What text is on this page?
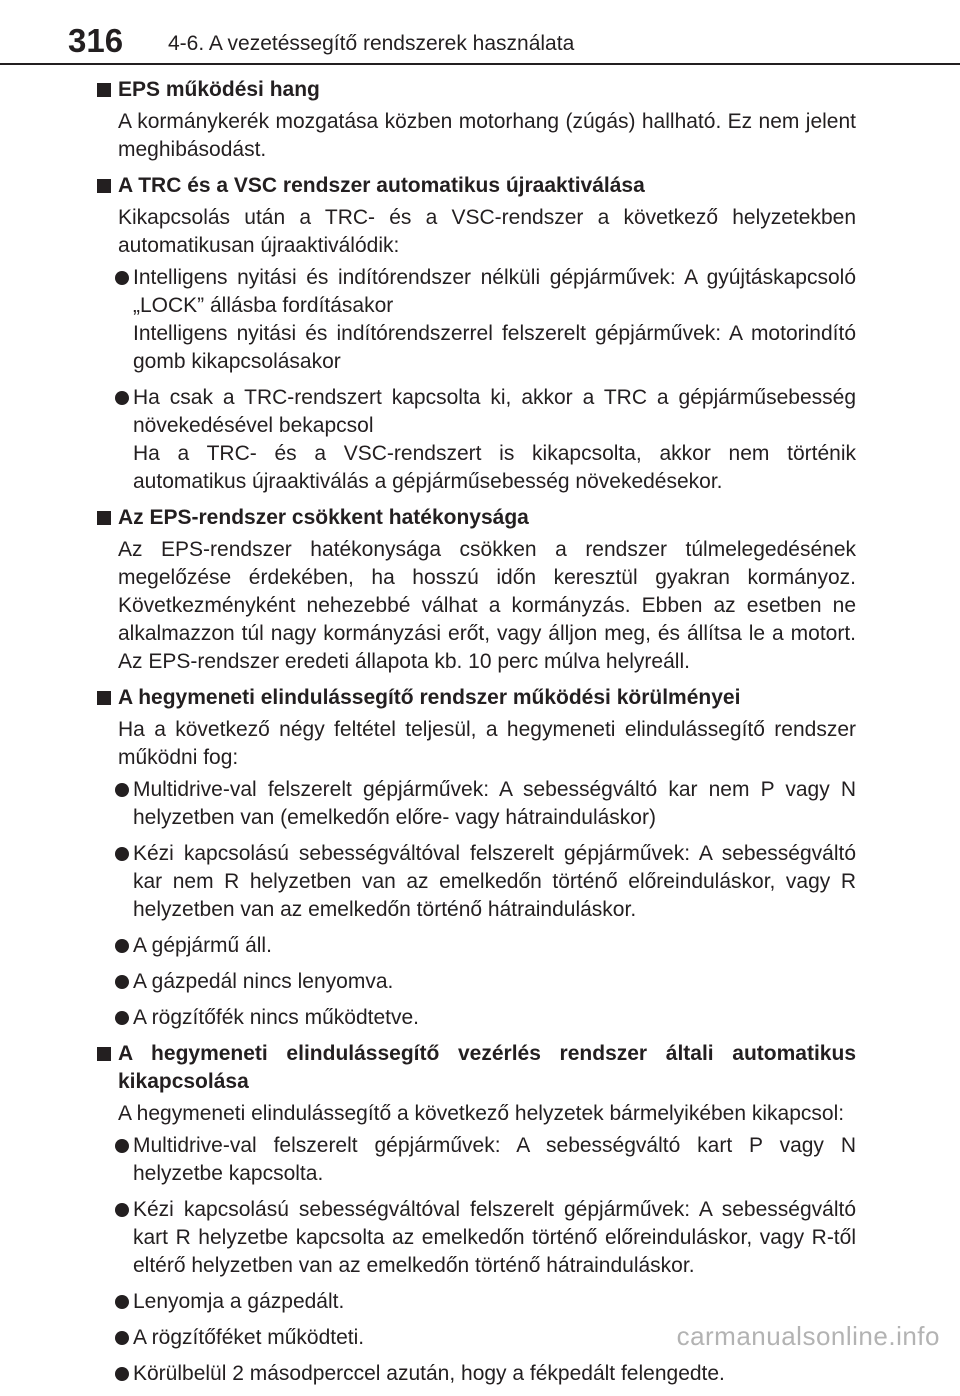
316 4-6. A vezetéssegítő rendszerek használata
EPS működési hang
A kormánykerék mozgatása közben motorhang (zúgás) hallható. Ez nem jelent meghibásodást.
A TRC és a VSC rendszer automatikus újraaktiválása
Kikapcsolás után a TRC- és a VSC-rendszer a következő helyzetekben automatikusan újraaktiválódik:
Intelligens nyitási és indítórendszer nélküli gépjárművek: A gyújtáskapcsoló „LOCK” állásba fordításakor
Intelligens nyitási és indítórendszerrel felszerelt gépjárművek: A motorindító gomb kikapcsolásakor
Ha csak a TRC-rendszert kapcsolta ki, akkor a TRC a gépjárműsebesség növekedésével bekapcsol
Ha a TRC- és a VSC-rendszert is kikapcsolta, akkor nem történik automatikus újraaktiválás a gépjárműsebesség növekedésekor.
Az EPS-rendszer csökkent hatékonysága
Az EPS-rendszer hatékonysága csökken a rendszer túlmelegedésének megelőzése érdekében, ha hosszú időn keresztül gyakran kormányoz. Következményként nehezebbé válhat a kormányzás. Ebben az esetben ne alkalmazzon túl nagy kormányzási erőt, vagy álljon meg, és állítsa le a motort. Az EPS-rendszer eredeti állapota kb. 10 perc múlva helyreáll.
A hegymeneti elindulássegítő rendszer működési körülményei
Ha a következő négy feltétel teljesül, a hegymeneti elindulássegítő rendszer működni fog:
Multidrive-val felszerelt gépjárművek: A sebességváltó kar nem P vagy N helyzetben van (emelkedőn előre- vagy hátrainduláskor)
Kézi kapcsolású sebességváltóval felszerelt gépjárművek: A sebességváltó kar nem R helyzetben van az emelkedőn történő előreinduláskor, vagy R helyzetben van az emelkedőn történő hátrainduláskor.
A gépjármű áll.
A gázpedál nincs lenyomva.
A rögzítőfék nincs működtetve.
A hegymeneti elindulássegítő vezérlés rendszer általi automatikus kikapcsolása
A hegymeneti elindulássegítő a következő helyzetek bármelyikében kikapcsol:
Multidrive-val felszerelt gépjárművek: A sebességváltó kart P vagy N helyzetbe kapcsolta.
Kézi kapcsolású sebességváltóval felszerelt gépjárművek: A sebességváltó kart R helyzetbe kapcsolta az emelkedőn történő előreinduláskor, vagy R-től eltérő helyzetben van az emelkedőn történő hátrainduláskor.
Lenyomja a gázpedált.
A rögzítőféket működteti.
Körülbelül 2 másodperccel azután, hogy a fékpedált felengedte.
carmanualsonline.info
